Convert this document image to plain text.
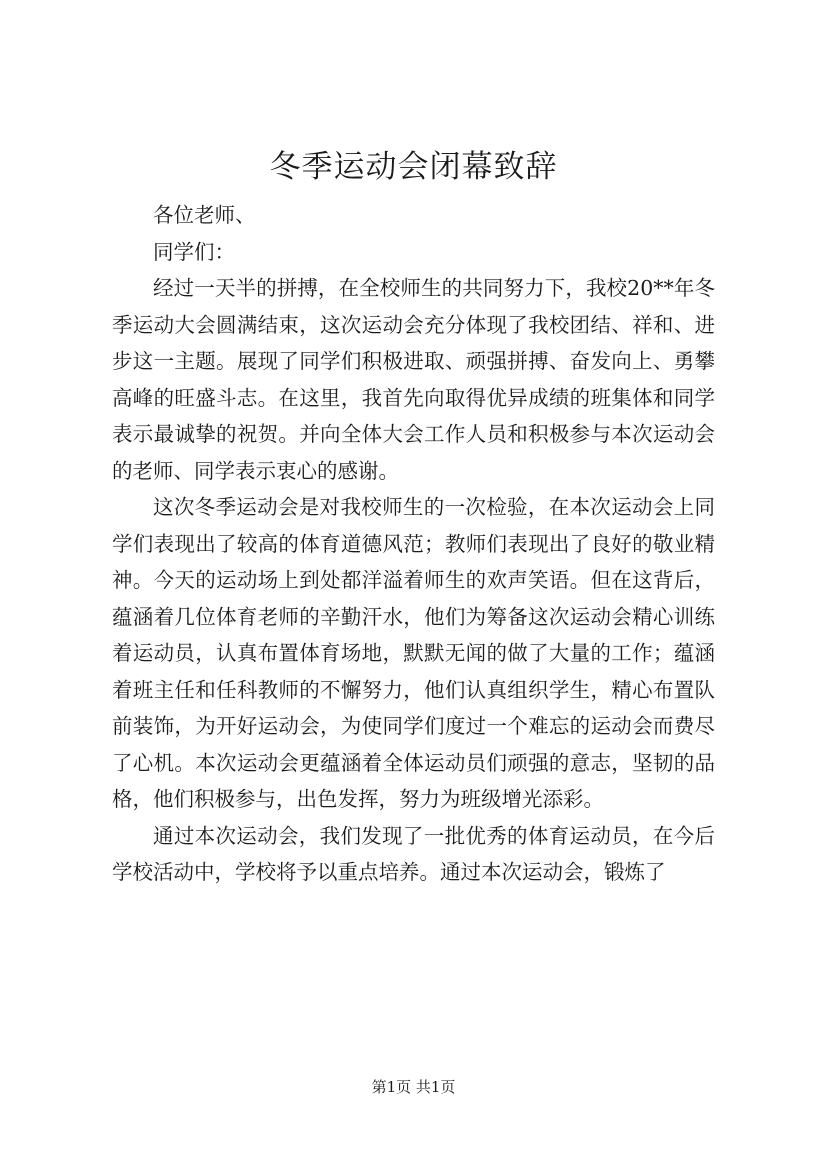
冬季运动会闭幕致辞

各位老师、

同学们：

经过一天半的拼搏，在全校师生的共同努力下，我校20**年冬季运动大会圆满结束，这次运动会充分体现了我校团结、祥和、进步这一主题。展现了同学们积极进取、顽强拼搏、奋发向上、勇攀高峰的旺盛斗志。在这里，我首先向取得优异成绩的班集体和同学表示最诚挚的祝贺。并向全体大会工作人员和积极参与本次运动会的老师、同学表示衷心的感谢。

这次冬季运动会是对我校师生的一次检验，在本次运动会上同学们表现出了较高的体育道德风范；教师们表现出了良好的敬业精神。今天的运动场上到处都洋溢着师生的欢声笑语。但在这背后，蕴涵着几位体育老师的辛勤汗水，他们为筹备这次运动会精心训练着运动员，认真布置体育场地，默默无闻的做了大量的工作；蕴涵着班主任和任科教师的不懈努力，他们认真组织学生，精心布置队前装饰，为开好运动会，为使同学们度过一个难忘的运动会而费尽了心机。本次运动会更蕴涵着全体运动员们顽强的意志，坚韧的品格，他们积极参与，出色发挥，努力为班级增光添彩。

通过本次运动会，我们发现了一批优秀的体育运动员，在今后学校活动中，学校将予以重点培养。通过本次运动会，锻炼了

第1页 共1页
